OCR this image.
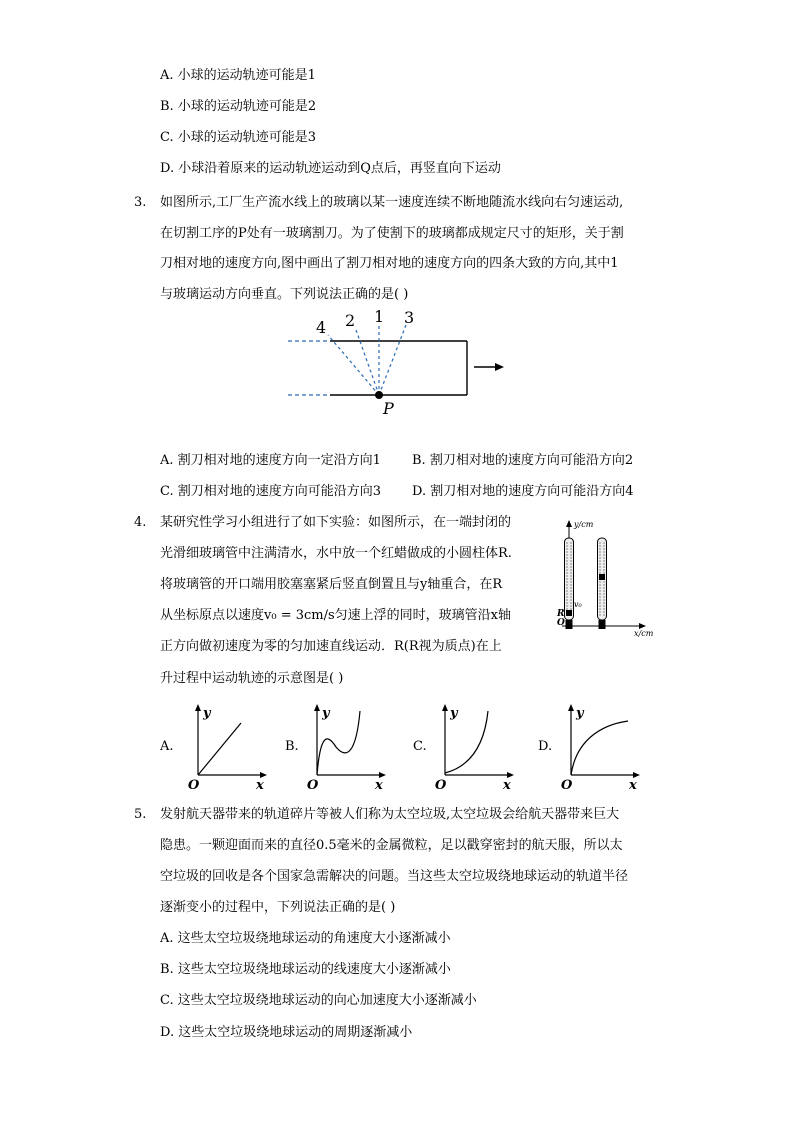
A. 小球的运动轨迹可能是1
B. 小球的运动轨迹可能是2
C. 小球的运动轨迹可能是3
D. 小球沿着原来的运动轨迹运动到Q点后，再竖直向下运动
3. 如图所示,工厂生产流水线上的玻璃以某一速度连续不断地随流水线向右匀速运动,
在切割工序的P处有一玻璃割刀。为了使割下的玻璃都成规定尺寸的矩形，关于割
刀相对地的速度方向,图中画出了割刀相对地的速度方向的四条大致的方向,其中1
与玻璃运动方向垂直。下列说法正确的是( )
4 2 1 3
P
A. 割刀相对地的速度方向一定沿方向1 B. 割刀相对地的速度方向可能沿方向2
C. 割刀相对地的速度方向可能沿方向3 D. 割刀相对地的速度方向可能沿方向4
4. 某研究性学习小组进行了如下实验：如图所示，在一端封闭的
光滑细玻璃管中注满清水，水中放一个红蜡做成的小圆柱体R.
将玻璃管的开口端用胶塞塞紧后竖直倒置且与y轴重合，在R
从坐标原点以速度v₀ = 3cm/s匀速上浮的同时，玻璃管沿x轴
正方向做初速度为零的匀加速直线运动．R(R视为质点)在上
升过程中运动轨迹的示意图是( )
y/cm
x/cm
R
v₀
O
A.
y
x
O
B.
y
x
O
C.
y
x
O
D.
y
x
O
5. 发射航天器带来的轨道碎片等被人们称为太空垃圾,太空垃圾会给航天器带来巨大
隐患。一颗迎面而来的直径0.5毫米的金属微粒，足以戳穿密封的航天服，所以太
空垃圾的回收是各个国家急需解决的问题。当这些太空垃圾绕地球运动的轨道半径
逐渐变小的过程中，下列说法正确的是( )
A. 这些太空垃圾绕地球运动的角速度大小逐渐减小
B. 这些太空垃圾绕地球运动的线速度大小逐渐减小
C. 这些太空垃圾绕地球运动的向心加速度大小逐渐减小
D. 这些太空垃圾绕地球运动的周期逐渐减小
